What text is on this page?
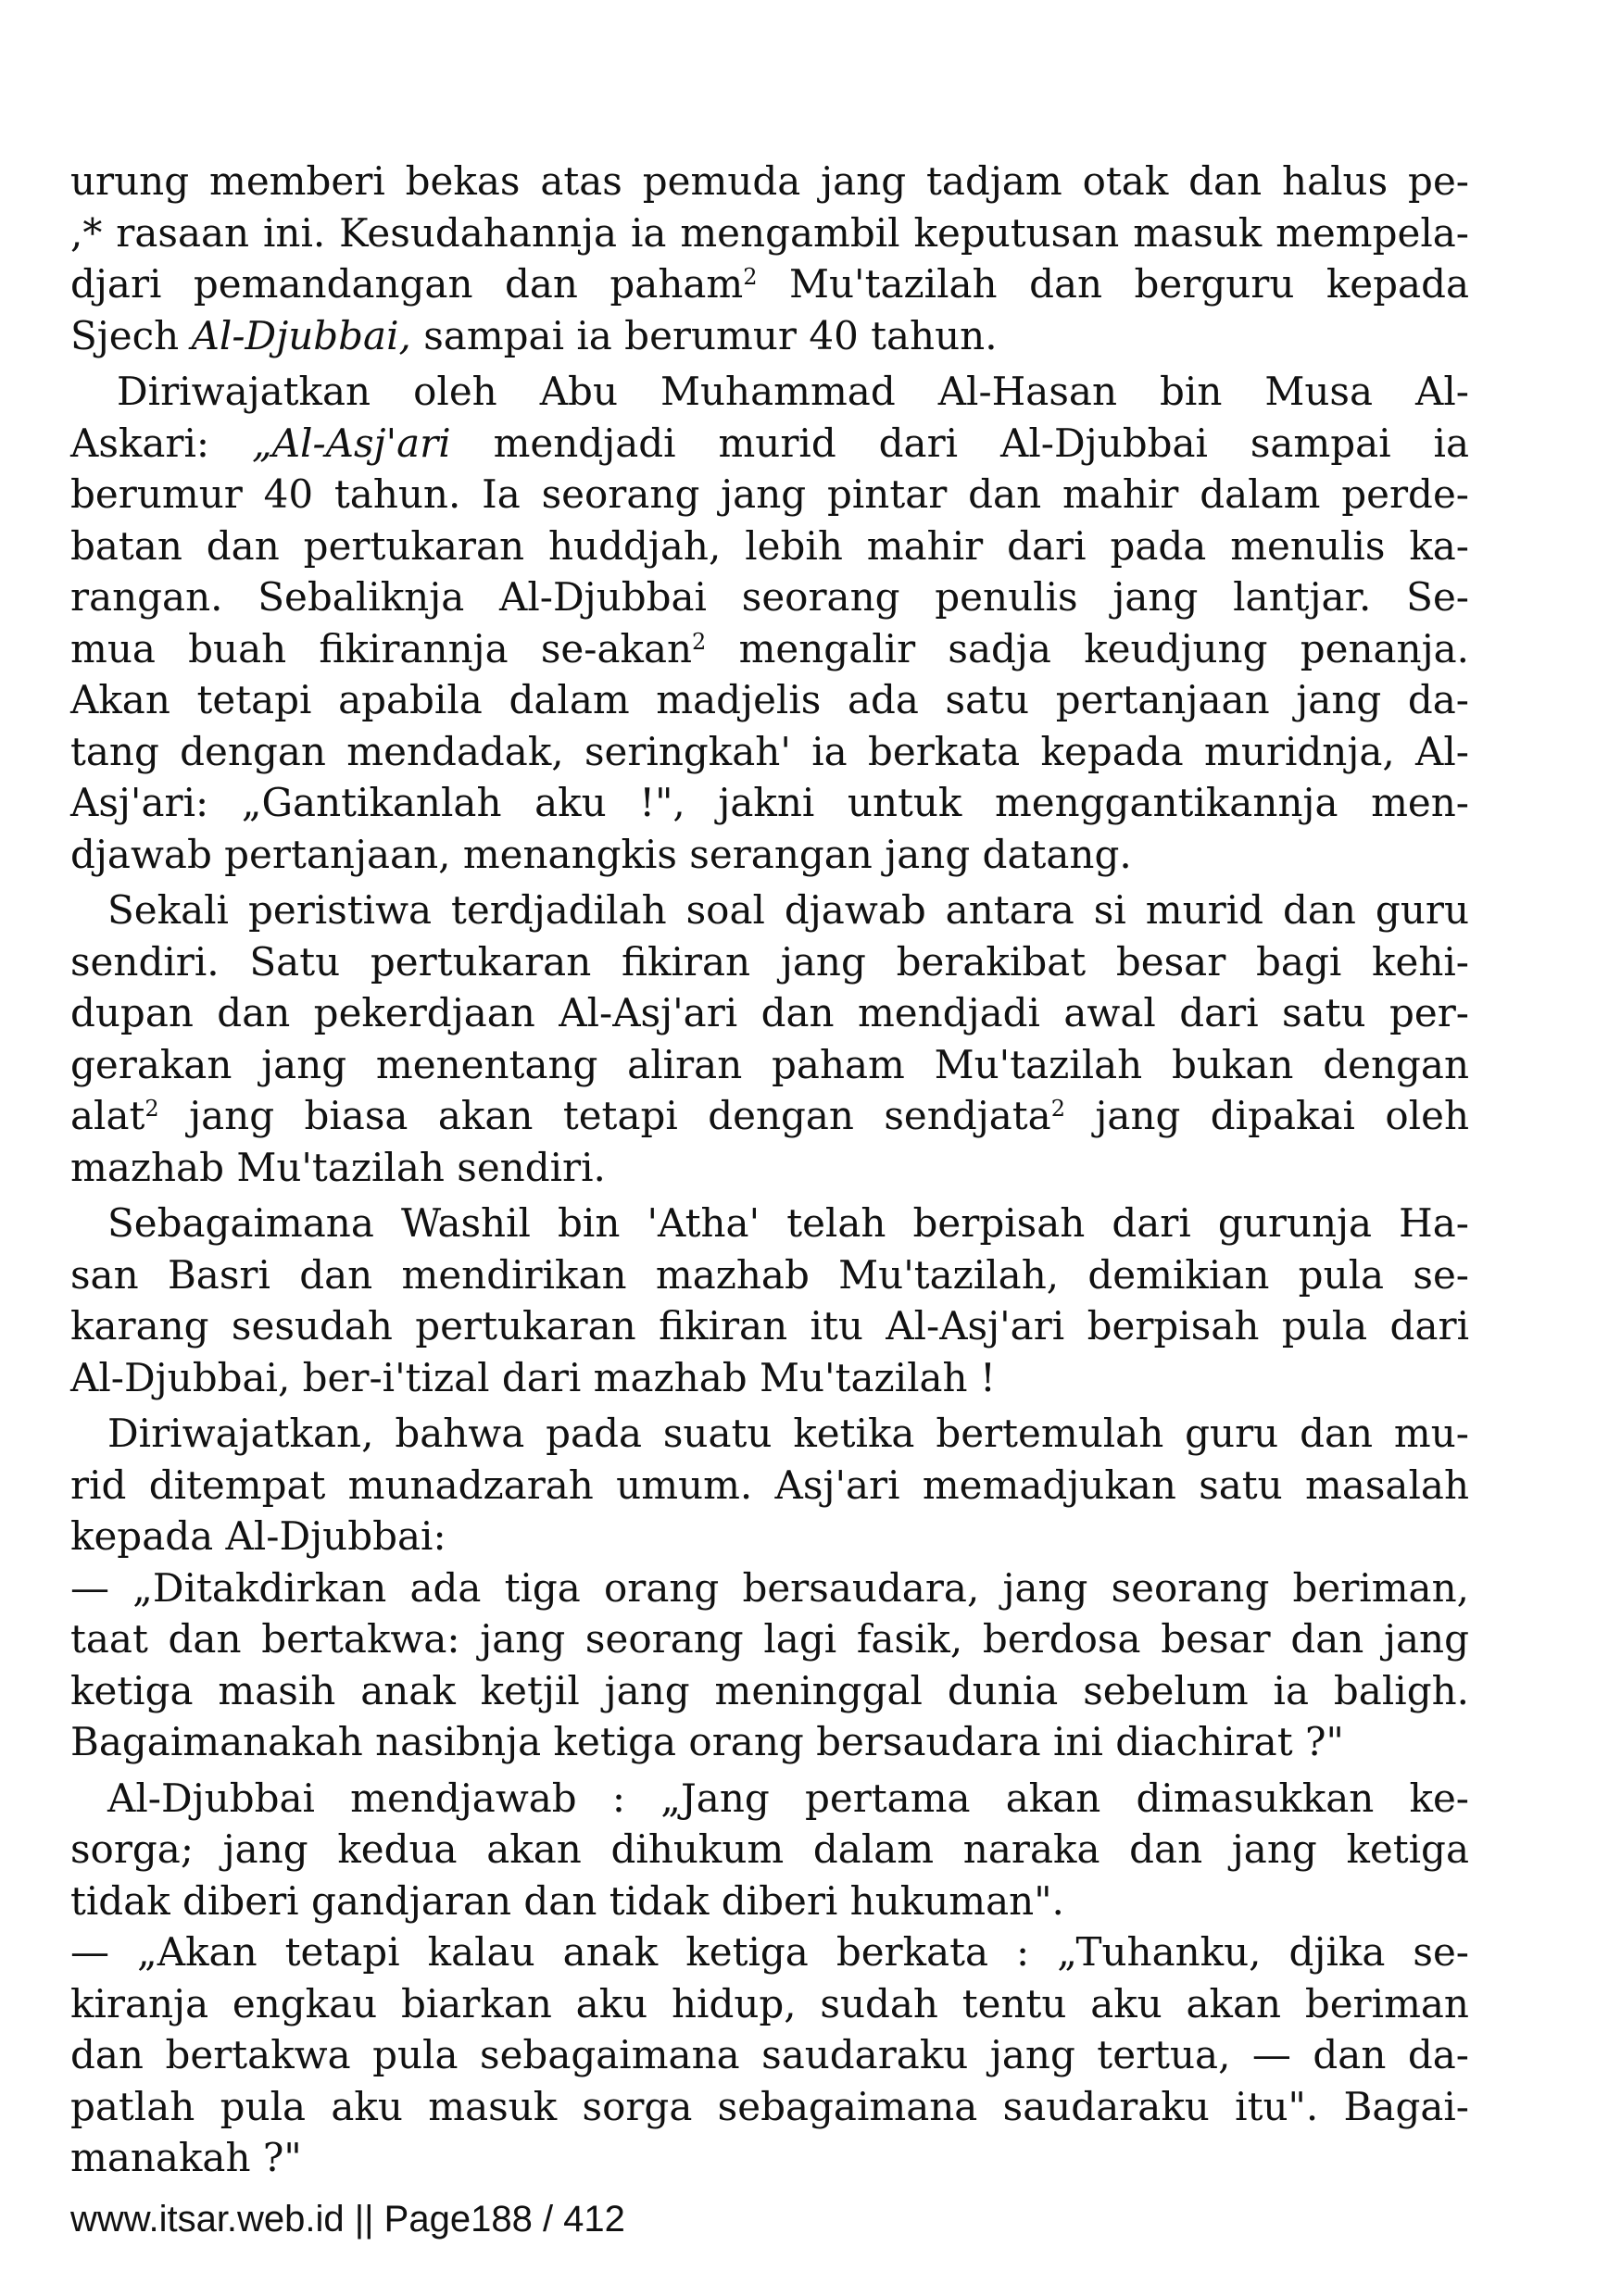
urung memberi bekas atas pemuda jang tadjam otak dan halus pe-
,* rasaan ini. Kesudahannja ia mengambil keputusan masuk mempela-
djari pemandangan dan paham$^2$ Mu'tazilah dan berguru kepada
Sjech Al-Djubbai, sampai ia berumur 40 tahun.
Diriwajatkan oleh Abu Muhammad Al-Hasan bin Musa Al-
Askari: „Al-Asj'ari mendjadi murid dari Al-Djubbai sampai ia
berumur 40 tahun. Ia seorang jang pintar dan mahir dalam perde-
batan dan pertukaran huddjah, lebih mahir dari pada menulis ka-
rangan. Sebaliknja Al-Djubbai seorang penulis jang lantjar. Se-
mua buah fikirannja se-akan$^2$ mengalir sadja keudjung penanja.
Akan tetapi apabila dalam madjelis ada satu pertanjaan jang da-
tang dengan mendadak, seringkah' ia berkata kepada muridnja, Al-
Asj'ari: „Gantikanlah aku !", jakni untuk menggantikannja men-
djawab pertanjaan, menangkis serangan jang datang.
Sekali peristiwa terdjadilah soal djawab antara si murid dan guru
sendiri. Satu pertukaran fikiran jang berakibat besar bagi kehi-
dupan dan pekerdjaan Al-Asj'ari dan mendjadi awal dari satu per-
gerakan jang menentang aliran paham Mu'tazilah bukan dengan
alat$^2$ jang biasa akan tetapi dengan sendjata$^2$ jang dipakai oleh
mazhab Mu'tazilah sendiri.
Sebagaimana Washil bin 'Atha' telah berpisah dari gurunja Ha-
san Basri dan mendirikan mazhab Mu'tazilah, demikian pula se-
karang sesudah pertukaran fikiran itu Al-Asj'ari berpisah pula dari
Al-Djubbai, ber-i'tizal dari mazhab Mu'tazilah !
Diriwajatkan, bahwa pada suatu ketika bertemulah guru dan mu-
rid ditempat munadzarah umum. Asj'ari memadjukan satu masalah
kepada Al-Djubbai:
— „Ditakdirkan ada tiga orang bersaudara, jang seorang beriman,
taat dan bertakwa: jang seorang lagi fasik, berdosa besar dan jang
ketiga masih anak ketjil jang meninggal dunia sebelum ia baligh.
Bagaimanakah nasibnja ketiga orang bersaudara ini diachirat ?"
Al-Djubbai mendjawab : „Jang pertama akan dimasukkan ke-
sorga; jang kedua akan dihukum dalam naraka dan jang ketiga
tidak diberi gandjaran dan tidak diberi hukuman".
— „Akan tetapi kalau anak ketiga berkata : „Tuhanku, djika se-
kiranja engkau biarkan aku hidup, sudah tentu aku akan beriman
dan bertakwa pula sebagaimana saudaraku jang tertua, — dan da-
patlah pula aku masuk sorga sebagaimana saudaraku itu". Bagai-
manakah ?"
www.itsar.web.id || Page188 / 412
